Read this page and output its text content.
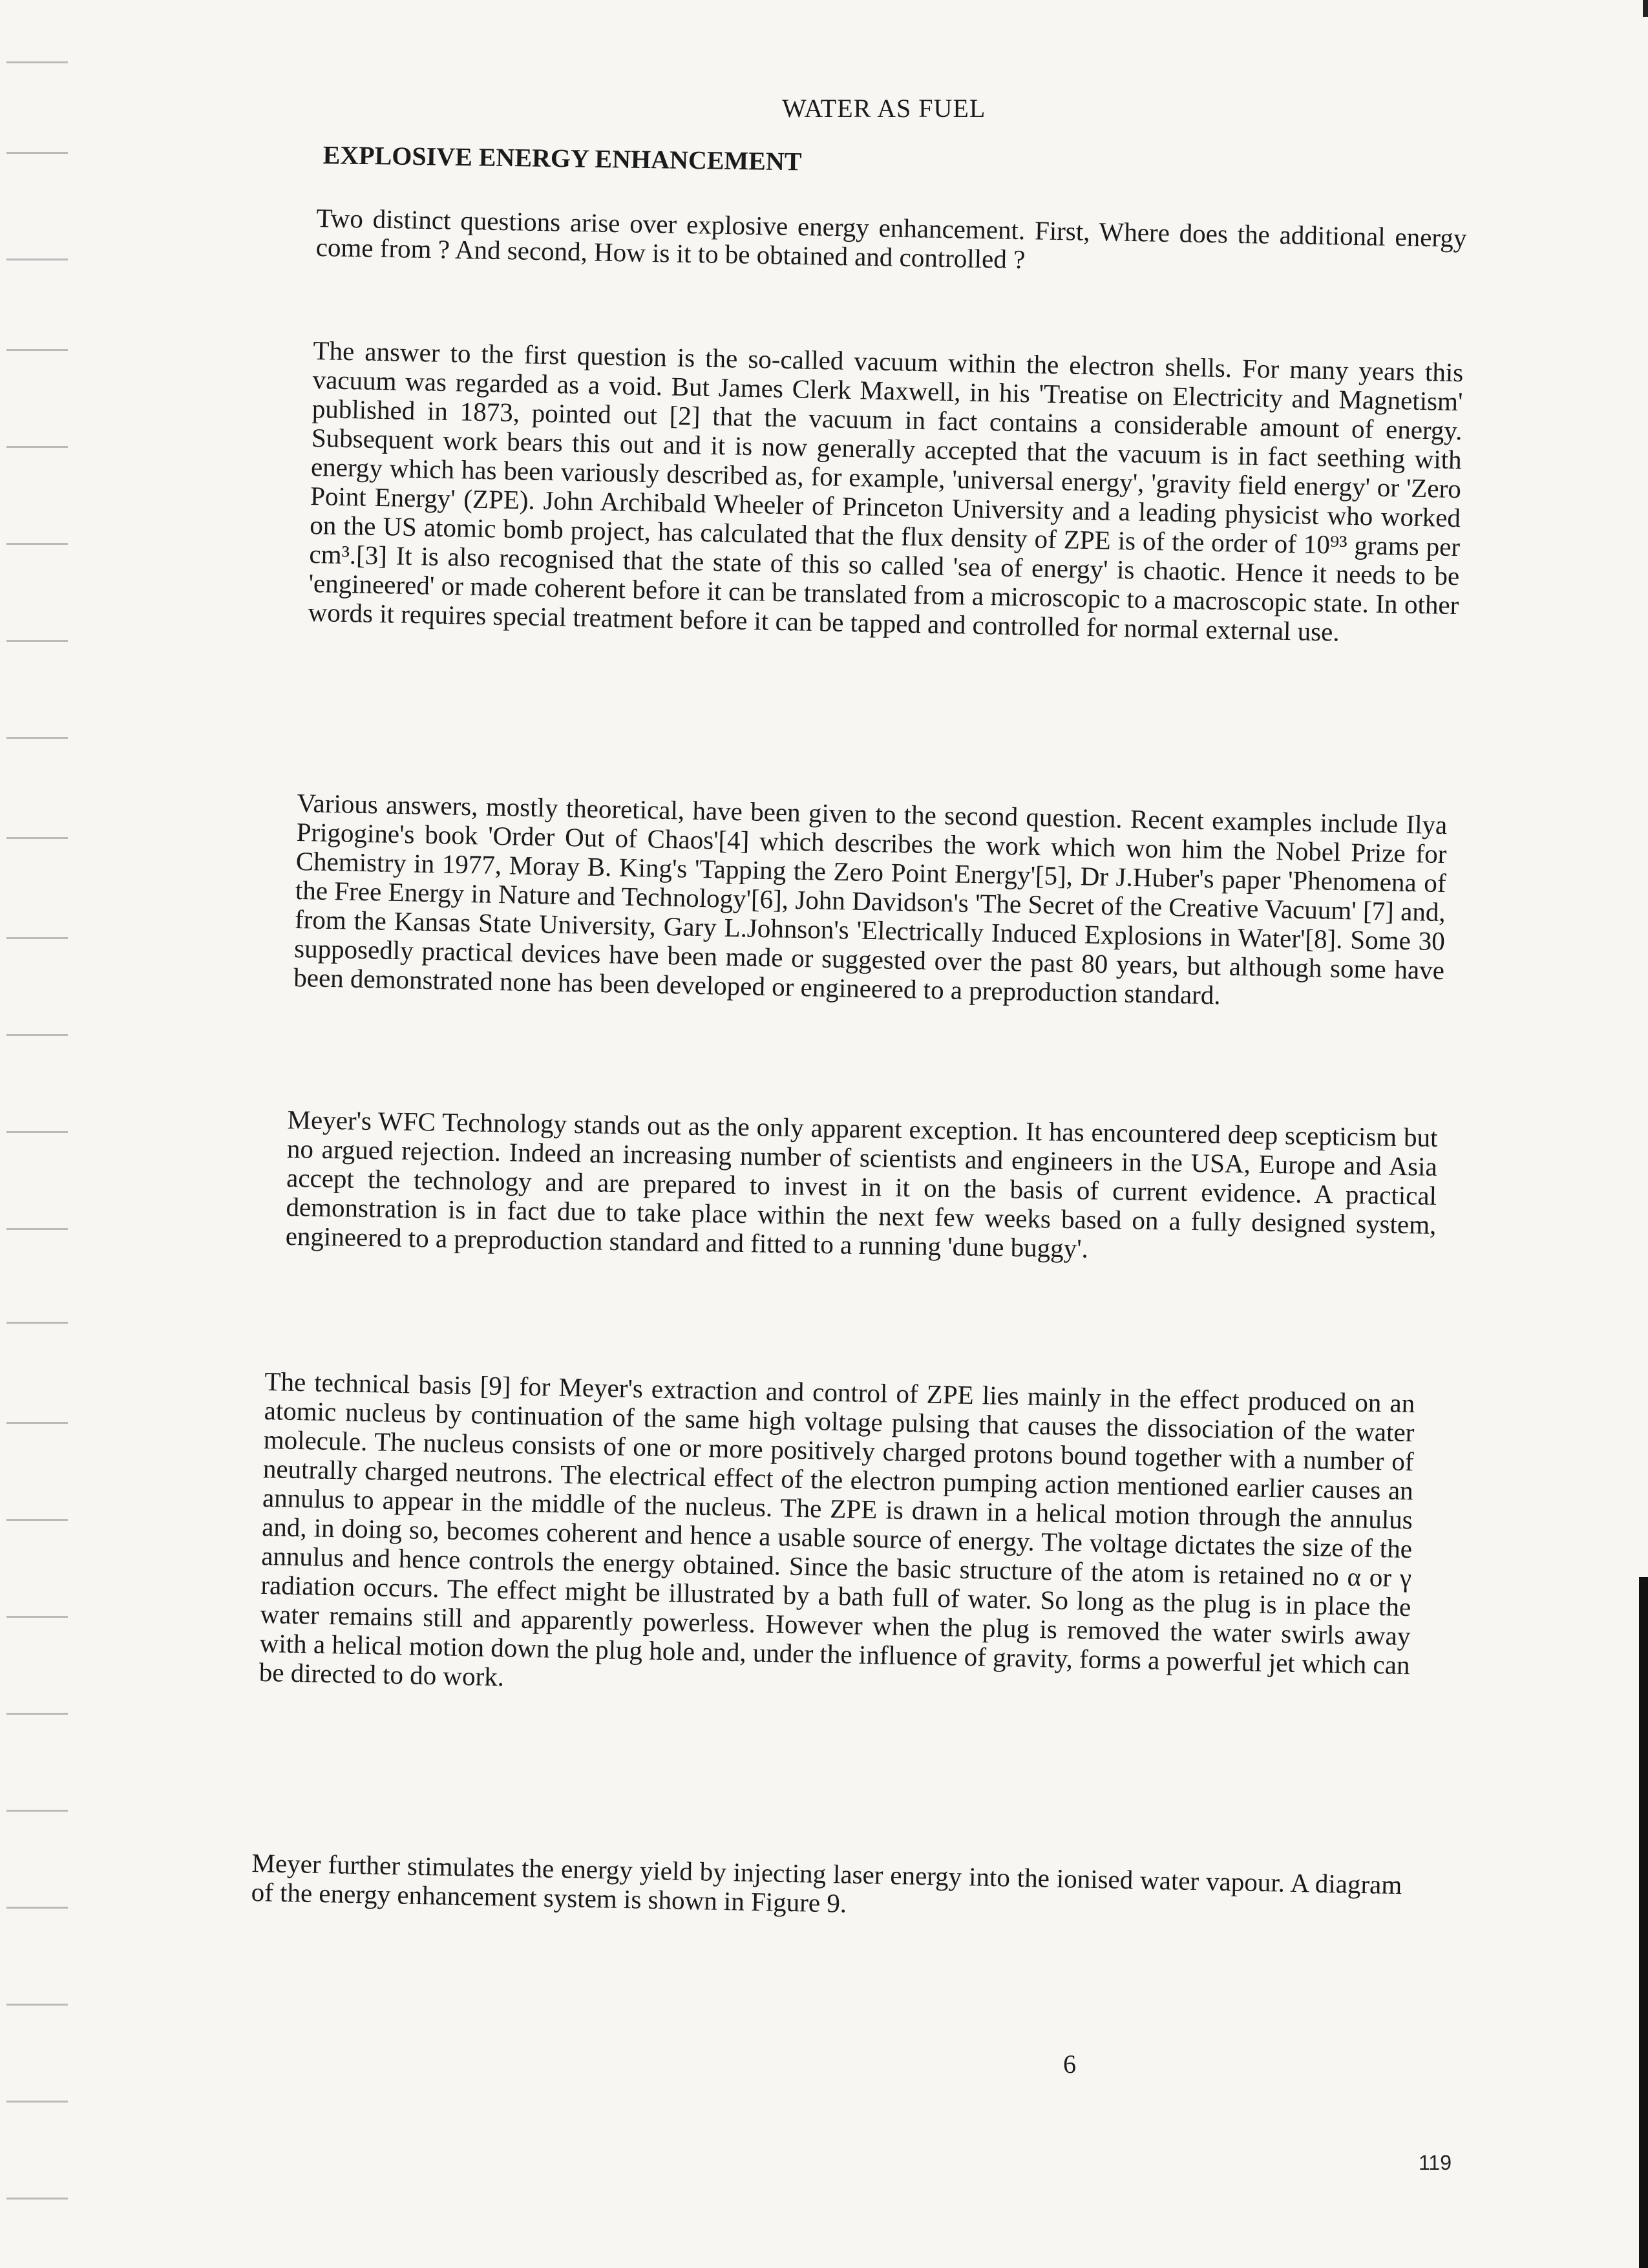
WATER AS FUEL
EXPLOSIVE ENERGY ENHANCEMENT

Two distinct questions arise over explosive energy enhancement. First, Where does the additional energy come from ? And second, How is it to be obtained and controlled ?

The answer to the first question is the so-called vacuum within the electron shells. For many years this vacuum was regarded as a void. But James Clerk Maxwell, in his 'Treatise on Electricity and Magnetism' published in 1873, pointed out [2] that the vacuum in fact contains a considerable amount of energy. Subsequent work bears this out and it is now generally accepted that the vacuum is in fact seething with energy which has been variously described as, for example, 'universal energy', 'gravity field energy' or 'Zero Point Energy' (ZPE). John Archibald Wheeler of Princeton University and a leading physicist who worked on the US atomic bomb project, has calculated that the flux density of ZPE is of the order of 10⁹³ grams per cm³.[3] It is also recognised that the state of this so called 'sea of energy' is chaotic. Hence it needs to be 'engineered' or made coherent before it can be translated from a microscopic to a macroscopic state. In other words it requires special treatment before it can be tapped and controlled for normal external use.

Various answers, mostly theoretical, have been given to the second question. Recent examples include Ilya Prigogine's book 'Order Out of Chaos'[4] which describes the work which won him the Nobel Prize for Chemistry in 1977, Moray B. King's 'Tapping the Zero Point Energy'[5], Dr J.Huber's paper 'Phenomena of the Free Energy in Nature and Technology'[6], John Davidson's 'The Secret of the Creative Vacuum' [7] and, from the Kansas State University, Gary L.Johnson's 'Electrically Induced Explosions in Water'[8]. Some 30 supposedly practical devices have been made or suggested over the past 80 years, but although some have been demonstrated none has been developed or engineered to a preproduction standard.

Meyer's WFC Technology stands out as the only apparent exception. It has encountered deep scepticism but no argued rejection. Indeed an increasing number of scientists and engineers in the USA, Europe and Asia accept the technology and are prepared to invest in it on the basis of current evidence. A practical demonstration is in fact due to take place within the next few weeks based on a fully designed system, engineered to a preproduction standard and fitted to a running 'dune buggy'.

The technical basis [9] for Meyer's extraction and control of ZPE lies mainly in the effect produced on an atomic nucleus by continuation of the same high voltage pulsing that causes the dissociation of the water molecule. The nucleus consists of one or more positively charged protons bound together with a number of neutrally charged neutrons. The electrical effect of the electron pumping action mentioned earlier causes an annulus to appear in the middle of the nucleus. The ZPE is drawn in a helical motion through the annulus and, in doing so, becomes coherent and hence a usable source of energy. The voltage dictates the size of the annulus and hence controls the energy obtained. Since the basic structure of the atom is retained no α or γ radiation occurs. The effect might be illustrated by a bath full of water. So long as the plug is in place the water remains still and apparently powerless. However when the plug is removed the water swirls away with a helical motion down the plug hole and, under the influence of gravity, forms a powerful jet which can be directed to do work.

Meyer further stimulates the energy yield by injecting laser energy into the ionised water vapour. A diagram of the energy enhancement system is shown in Figure 9.

6
119
